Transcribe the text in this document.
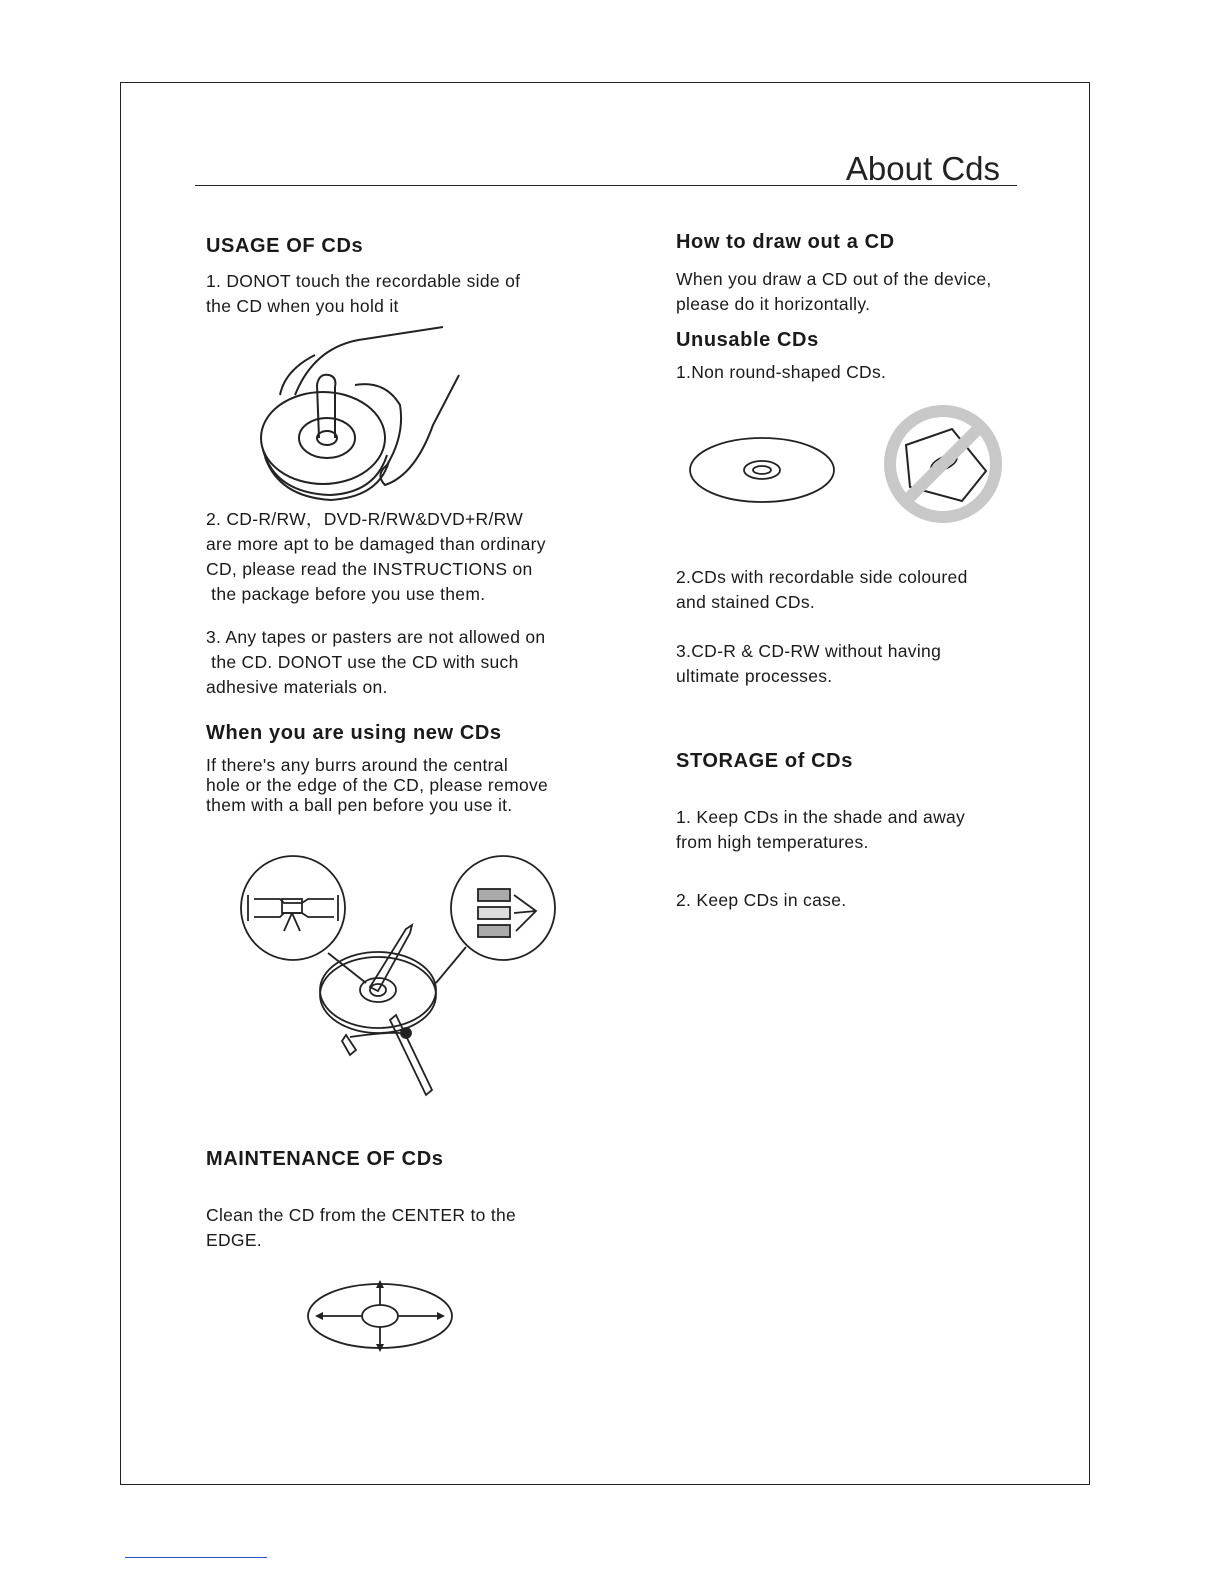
About Cds
USAGE OF CDs
1. DONOT touch the recordable side of
the CD when you hold it
2. CD-R/RW，DVD-R/RW&DVD+R/RW
are more apt to be damaged than ordinary
CD, please read the INSTRUCTIONS on
the package before you use them.
3. Any tapes or pasters are not allowed on
the CD. DONOT use the CD with such
adhesive materials on.
When you are using new CDs
If there's any burrs around the central
hole or the edge of the CD, please remove
them with a ball pen before you use it.
MAINTENANCE OF CDs
Clean the CD from the CENTER to the
EDGE.
How to draw out a CD
When you draw a CD out of the device,
please do it horizontally.
Unusable CDs
1.Non round-shaped CDs.
2.CDs with recordable side coloured
and stained CDs.
3.CD-R & CD-RW without having
ultimate processes.
STORAGE of CDs
1. Keep CDs in the shade and away
from high temperatures.
2. Keep CDs in case.
